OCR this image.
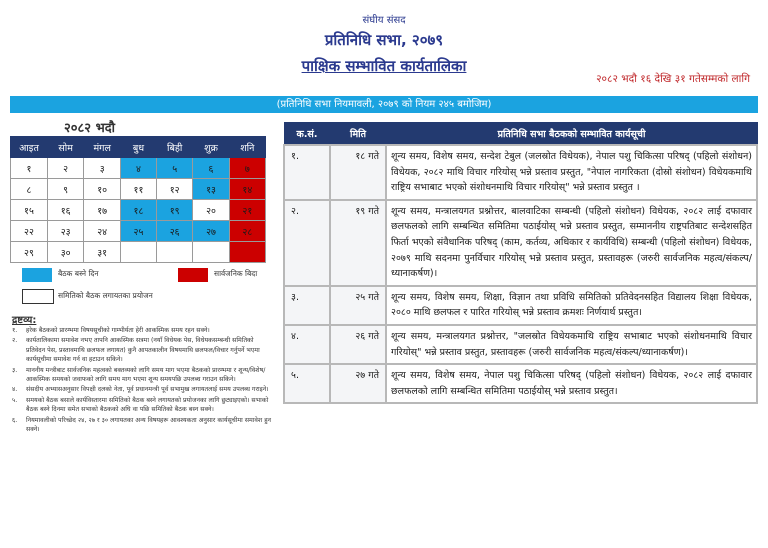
संघीय संसद
प्रतिनिधि सभा, २०७९
पाक्षिक सम्भावित कार्यतालिका
२०८२ भदौ १६ देखि ३१ गतेसम्मको लागि
(प्रतिनिधि सभा नियमावली, २०७९ को नियम २४५ बमोजिम)
२०८२ भदौ
आइत	सोम	मंगल	बुध	बिही	शुक्र	शनि
१	२	३	४	५	६	७
८	९	१०	११	१२	१३	१४
१५	१६	१७	१८	१९	२०	२१
२२	२३	२४	२५	२६	२७	२८
२९	३०	३१				
बैठक बस्ने दिन	सार्वजनिक बिदा
समितिको बैठक लगायतका प्रयोजन
द्रष्टव्य:
१.	हरेक बैठकको प्रारम्भमा विषयसूचीको गाम्भीर्यता हेरी आकस्मिक समय रहन सक्ने।
२.	कार्यतालिकामा समावेश नभए तापनि आकस्मिक सत्रमा (नयाँ विधेयक पेस, विधेयकसम्बन्धी समितिको प्रतिवेदन पेस, प्रस्तावमाथि छलफल लगायत) कुनै आपतकालीन विषयमाथि छलफल/विचार गर्नुपर्ने भएमा कार्यसूचीमा समावेश गर्न वा हटाउन सकिने।
३.	माननीय मन्त्रीबाट सार्वजनिक महत्वको बक्तव्यको लागि समय माग भएमा बैठकको प्रारम्भमा र शून्य/विशेष/आकस्मिक समयको जवाफको लागि समय माग भएमा शून्य समयपछि उपलब्ध गराउन सकिने।
४.	संसदीय अभ्यासअनुसार विपक्षी दलको नेता, पूर्व प्रधानमन्त्री पूर्व सभामुख लगायतलाई समय उपलब्ध गराइने।
५.	समयको बैठक बसाले कार्यविस्तारमा समितिको बैठक बस्ने लगायतको प्रयोजनका लागि छुट्याइएको। सभाको बैठक बस्ने दिनमा समेत सभाको बैठकको अघि वा पछि समितिको बैठक बस्न सक्ने।
६.	नियमावलीको परिच्छेद २४, २७ र ३० लगायतका अन्य विषयहरू आवश्यकता अनुसार कार्यसूचीमा समावेश हुन सक्ने।
क.सं.	मिति	प्रतिनिधि सभा बैठकको सम्भावित कार्यसूची
१.	१८ गते	शून्य समय, विशेष समय, सन्देश टेबुल (जलस्रोत विधेयक), नेपाल पशु चिकित्सा परिषद् (पहिलो संशोधन) विधेयक, २०८२ माथि विचार गरियोस् भन्ने प्रस्ताव प्रस्तुत, "नेपाल नागरिकता (दोस्रो संशोधन) विधेयकमाथि राष्ट्रिय सभाबाट भएको संशोधनमाथि विचार गरियोस्" भन्ने प्रस्ताव प्रस्तुत ।
२.	१९ गते	शून्य समय, मन्त्रालयगत प्रश्नोत्तर, बालवाटिका सम्बन्धी (पहिलो संशोधन) विधेयक, २०८२ लाई दफावार छलफलको लागि सम्बन्धित समितिमा पठाईयोस् भन्ने प्रस्ताव प्रस्तुत, सम्माननीय राष्ट्रपतिबाट सन्देशसहित फिर्ता भएको संवैधानिक परिषद् (काम, कर्तव्य, अधिकार र कार्यविधि) सम्बन्धी (पहिलो संशोधन) विधेयक, २०७९ माथि सदनमा पुनर्विचार गरियोस् भन्ने प्रस्ताव प्रस्तुत, प्रस्तावहरू (जरुरी सार्वजनिक महत्व/संकल्प/ध्यानाकर्षण)।
३.	२५ गते	शून्य समय, विशेष समय, शिक्षा, विज्ञान तथा प्रविधि समितिको प्रतिवेदनसहित विद्यालय शिक्षा विधेयक, २०८० माथि छलफल र पारित गरियोस् भन्ने प्रस्ताव क्रमशः निर्णयार्थ प्रस्तुत।
४.	२६ गते	शून्य समय, मन्त्रालयगत प्रश्नोत्तर, "जलस्रोत विधेयकमाथि राष्ट्रिय सभाबाट भएको संशोधनमाथि विचार गरियोस्" भन्ने प्रस्ताव प्रस्तुत, प्रस्तावहरू (जरुरी सार्वजनिक महत्व/संकल्प/ध्यानाकर्षण)।
५.	२७ गते	शून्य समय, विशेष समय, नेपाल पशु चिकित्सा परिषद् (पहिलो संशोधन) विधेयक, २०८२ लाई दफावार छलफलको लागि सम्बन्धित समितिमा पठाईयोस् भन्ने प्रस्ताव प्रस्तुत।
